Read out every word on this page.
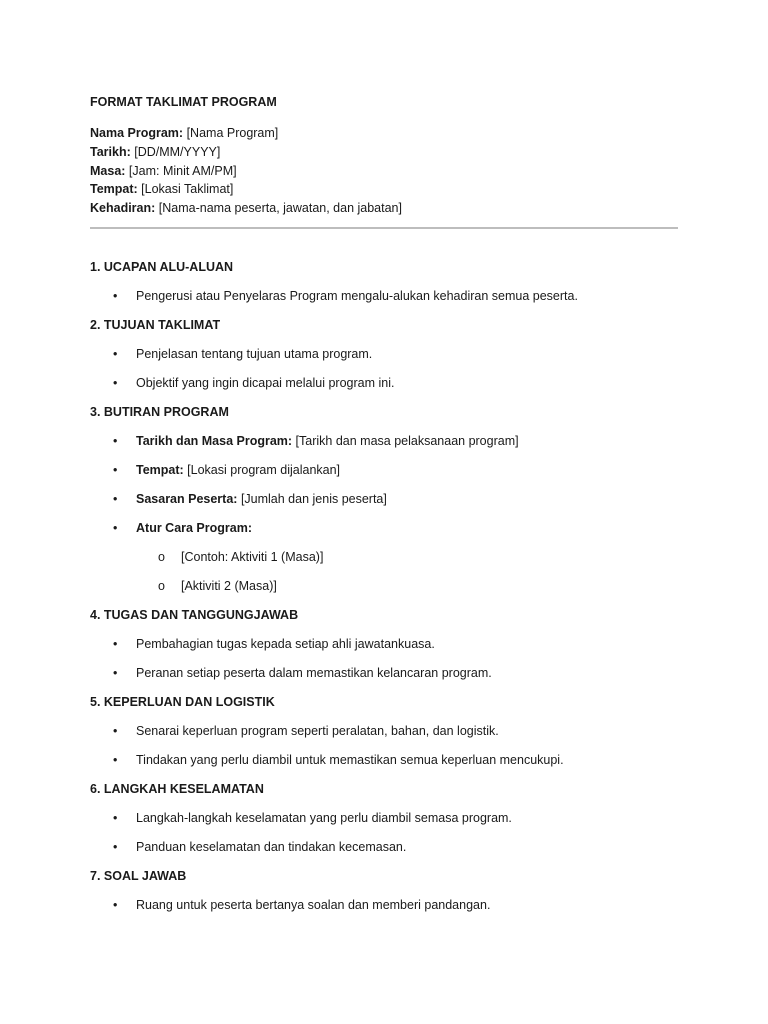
FORMAT TAKLIMAT PROGRAM
Nama Program: [Nama Program]
Tarikh: [DD/MM/YYYY]
Masa: [Jam: Minit AM/PM]
Tempat: [Lokasi Taklimat]
Kehadiran: [Nama-nama peserta, jawatan, dan jabatan]
1. UCAPAN ALU-ALUAN
• Pengerusi atau Penyelaras Program mengalu-alukan kehadiran semua peserta.
2. TUJUAN TAKLIMAT
• Penjelasan tentang tujuan utama program.
• Objektif yang ingin dicapai melalui program ini.
3. BUTIRAN PROGRAM
• Tarikh dan Masa Program: [Tarikh dan masa pelaksanaan program]
• Tempat: [Lokasi program dijalankan]
• Sasaran Peserta: [Jumlah dan jenis peserta]
• Atur Cara Program:
o [Contoh: Aktiviti 1 (Masa)]
o [Aktiviti 2 (Masa)]
4. TUGAS DAN TANGGUNGJAWAB
• Pembahagian tugas kepada setiap ahli jawatankuasa.
• Peranan setiap peserta dalam memastikan kelancaran program.
5. KEPERLUAN DAN LOGISTIK
• Senarai keperluan program seperti peralatan, bahan, dan logistik.
• Tindakan yang perlu diambil untuk memastikan semua keperluan mencukupi.
6. LANGKAH KESELAMATAN
• Langkah-langkah keselamatan yang perlu diambil semasa program.
• Panduan keselamatan dan tindakan kecemasan.
7. SOAL JAWAB
• Ruang untuk peserta bertanya soalan dan memberi pandangan.
